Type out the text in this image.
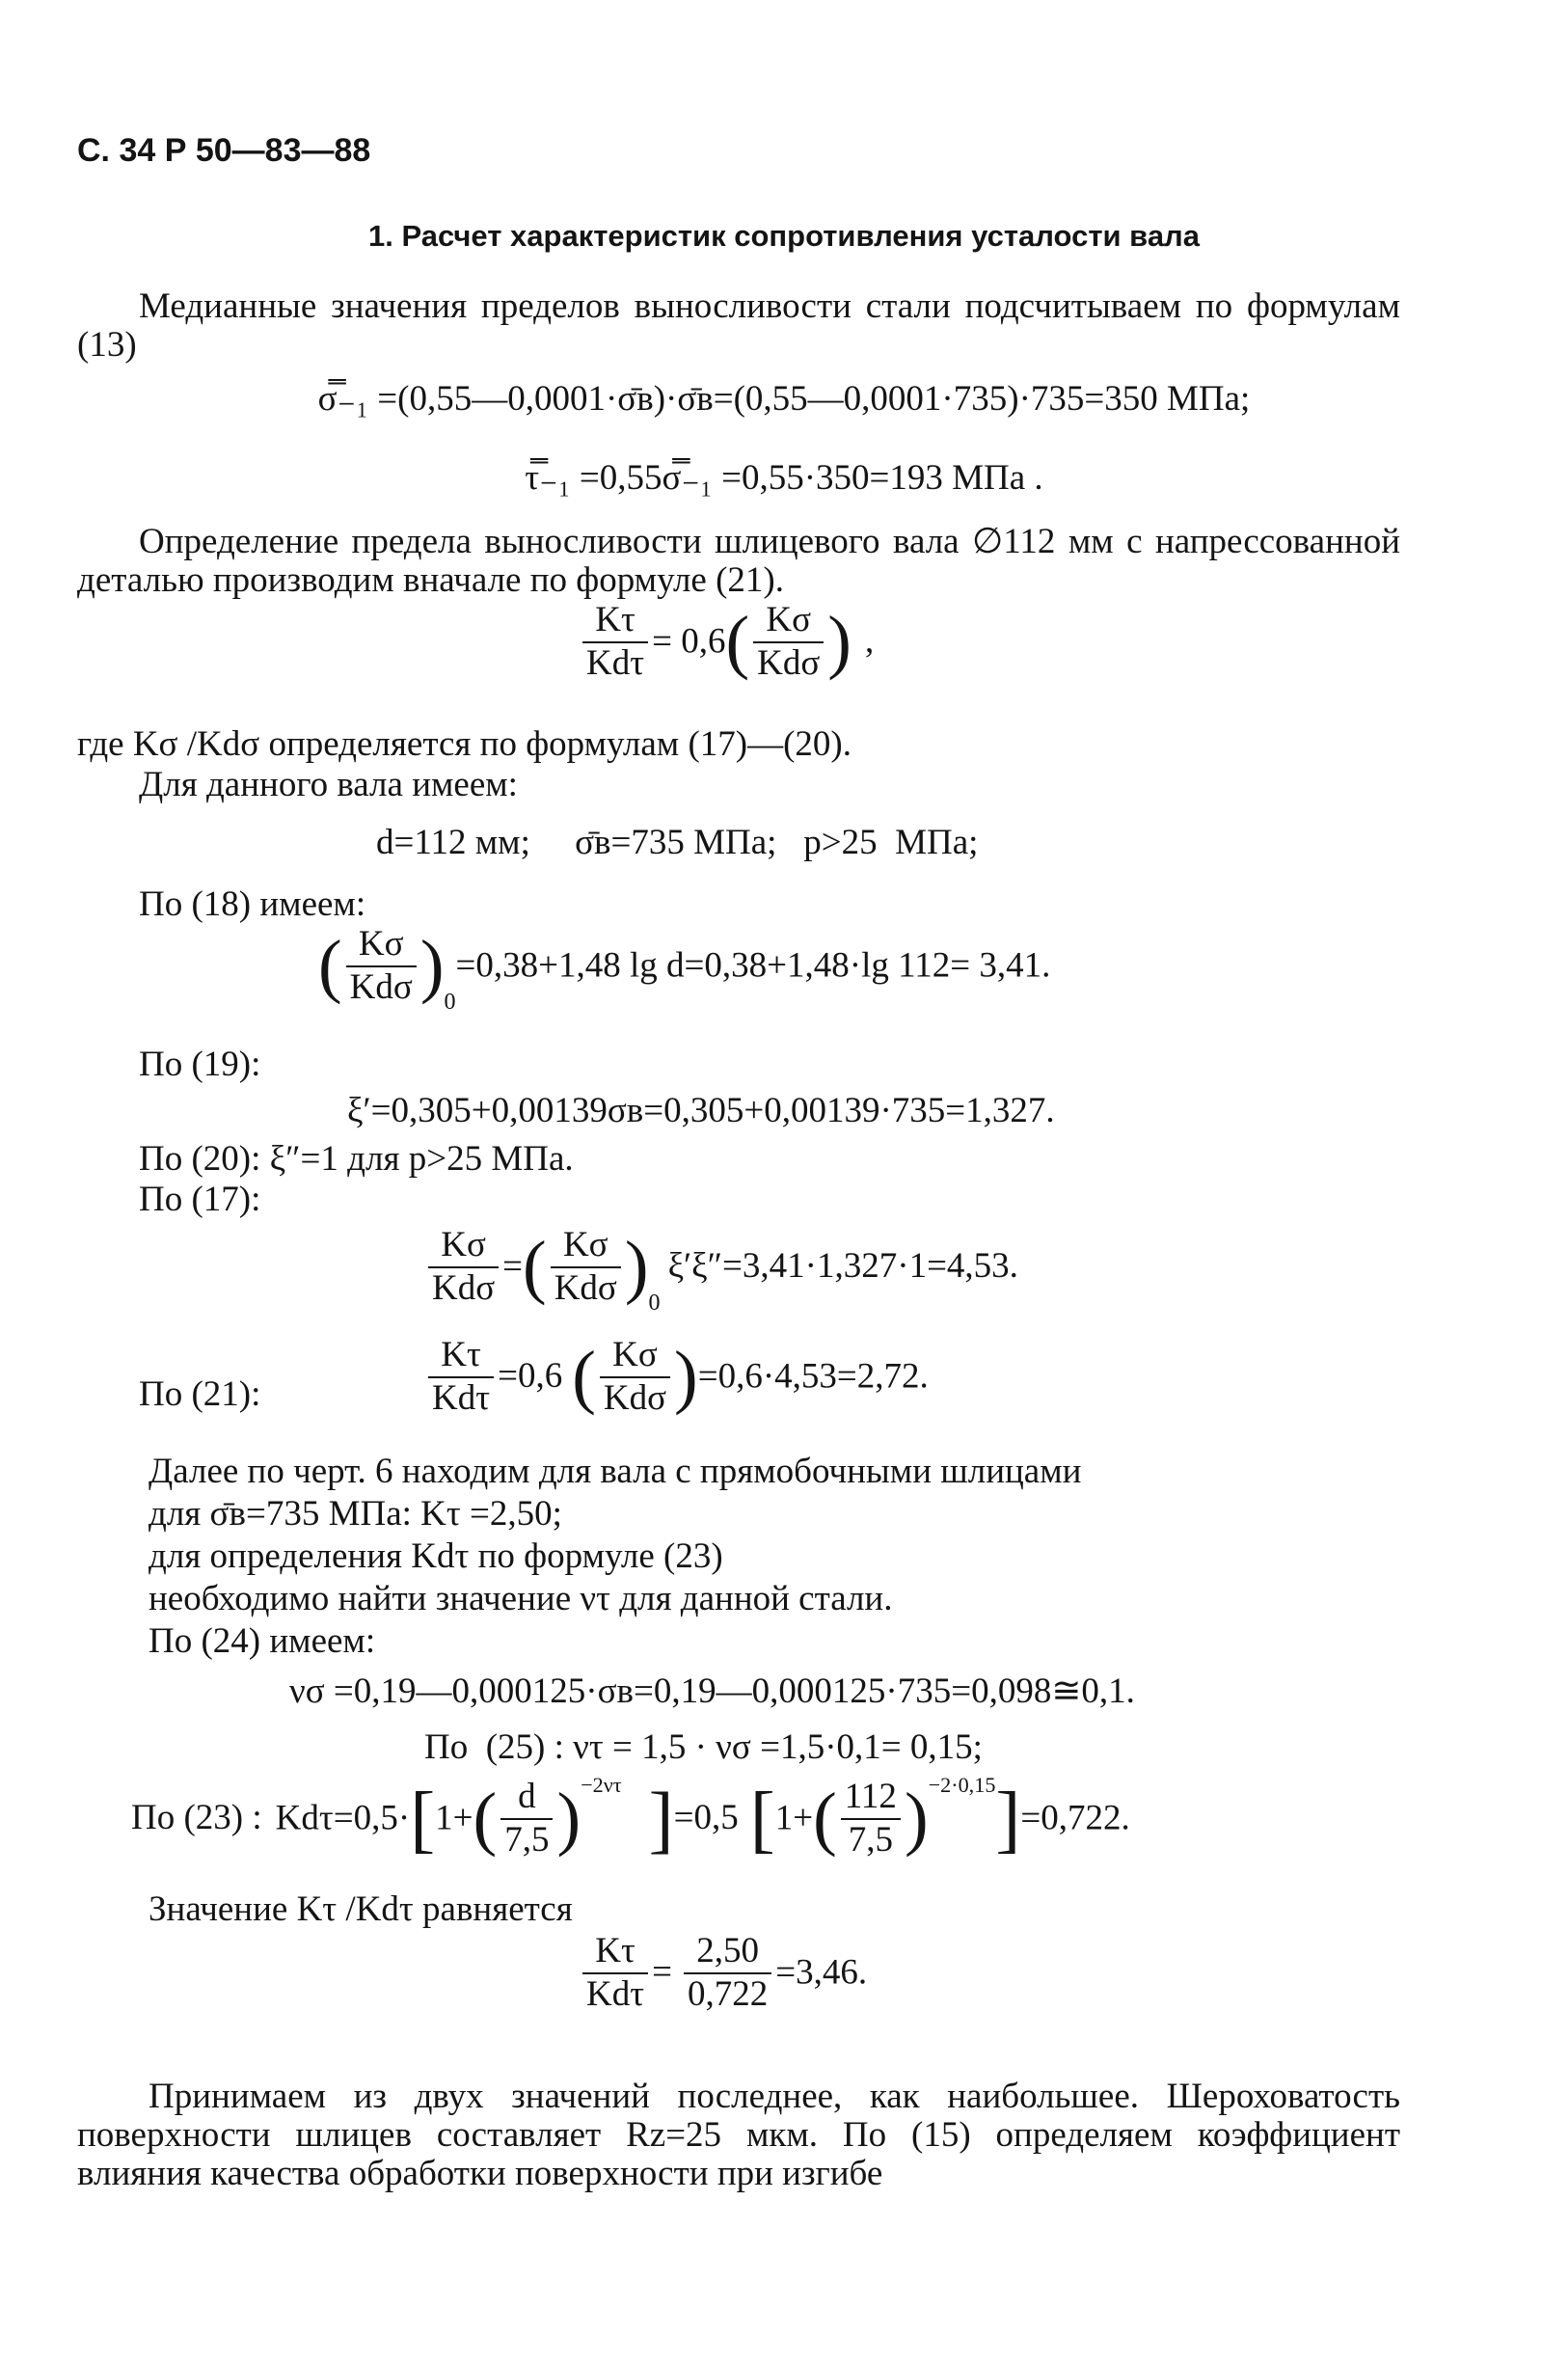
С. 34 Р 50—83—88
1. Расчет характеристик сопротивления усталости вала
Медианные значения пределов выносливости стали подсчитываем по формулам (13)
σ̿₋₁ =(0,55—0,0001·σ̄в)·σ̄в=(0,55—0,0001·735)·735=350 МПа;
τ̿₋₁ =0,55σ̿₋₁ =0,55·350=193 МПа .
Определение предела выносливости шлицевого вала ∅112 мм с напрессованной деталью производим вначале по формуле (21).
$\frac{K\tau}{\text{Kdτ}} = 0,6( \frac{K\sigma}{\text{Kdσ}}$ ) ,
где Kσ /Kdσ определяется по формулам (17)—(20).
Для данного вала имеем:
d=112 мм;     σ̄в=735 МПа;   p>25  МПа;
По (18) имеем:
( $\frac{K\sigma}{\text{Kdσ}} )_0=0,38+1,48$ lg d=0,38+1,48·lg 112= 3,41.
По (19):
ξ′=0,305+0,00139σв=0,305+0,00139·735=1,327.
По (20): ξ″=1 для p>25 МПа.
По (17):
$\frac{K\sigma}{\text{Kdσ}}$ =( $\frac{K\sigma}{\text{Kdσ}} )_0\xi'\xi''=3,41\cdot 1,327\cdot 1=4,53$.
По (21):	$\frac{K\tau}{\text{Kdτ}} =0,6$ ( $\frac{K\sigma}{\text{Kdσ}} )=0,6\cdot 4,53=2,72$.
Далее по черт. 6 находим для вала с прямобочными шлицами
для σ̄в=735 МПа: Kτ =2,50;
для определения Kdτ по формуле (23)
необходимо найти значение ντ для данной стали.
По (24) имеем:
νσ =0,19—0,000125·σв=0,19—0,000125·735=0,098≅0,1.
По  (25) : ντ = 1,5 · νσ =1,5·0,1= 0,15;
По (23) : $Kd\tau=0,5\cdot[1+( \frac{d}{7,5} )^{-2\nu\tau}$ ]=0,5 $[1+( \frac{112}{7,5} )^{-2\cdot 0,15}]=0,722$.
Значение Kτ /Kdτ равняется
$\frac{K\tau}{\text{Kdτ}} = \frac{2,50}{0,722} =3,46$.
Принимаем из двух значений последнее, как наибольшее. Шероховатость поверхности шлицев составляет Rz=25 мкм. По (15) определяем коэффициент влияния качества обработки поверхности при изгибе
